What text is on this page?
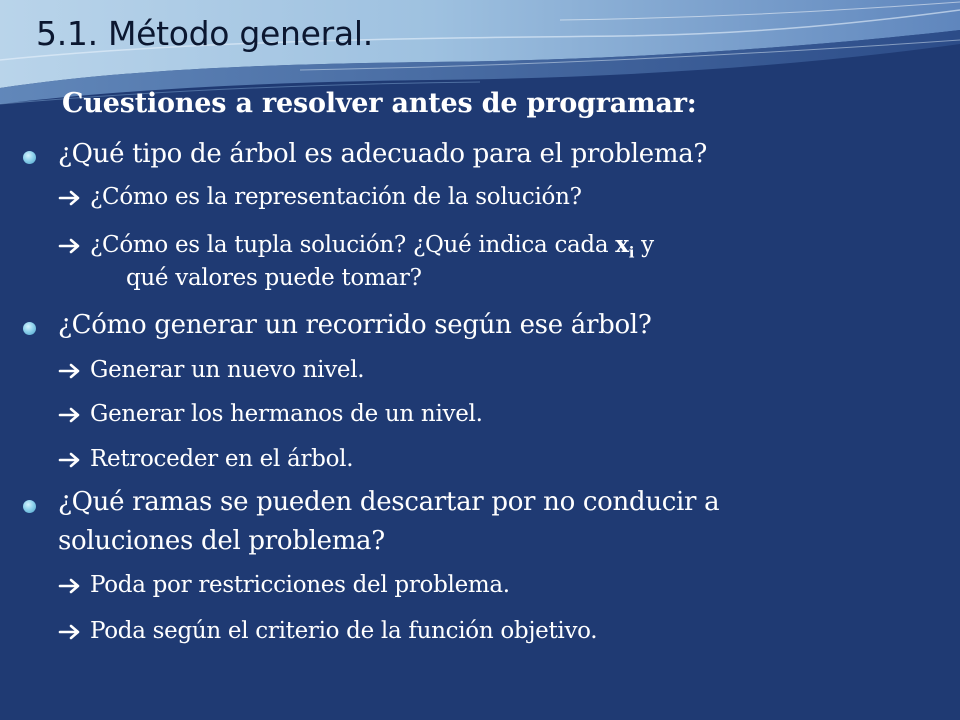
5.1. Método general.
Cuestiones a resolver antes de programar:
¿Qué tipo de árbol es adecuado para el problema?
¿Cómo es la representación de la solución?
¿Cómo es la tupla solución? ¿Qué indica cada $x_i$ y
qué valores puede tomar?
¿Cómo generar un recorrido según ese árbol?
Generar un nuevo nivel.
Generar los hermanos de un nivel.
Retroceder en el árbol.
¿Qué ramas se pueden descartar por no conducir a
soluciones del problema?
Poda por restricciones del problema.
Poda según el criterio de la función objetivo.
